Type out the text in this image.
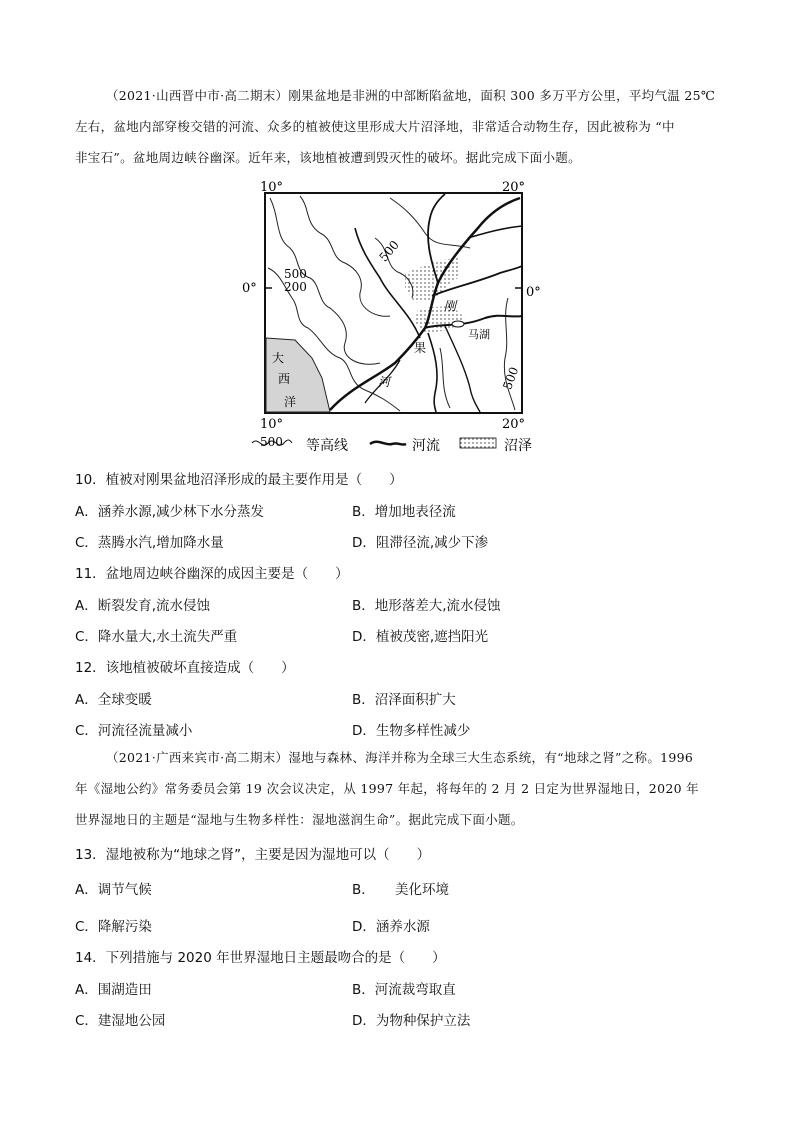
（2021·山西晋中市·高二期末）刚果盆地是非洲的中部断陷盆地，面积 300 多万平方公里，平均气温 25℃
左右，盆地内部穿梭交错的河流、众多的植被使这里形成大片沼泽地，非常适合动物生存，因此被称为 “中
非宝石”。盆地周边峡谷幽深。近年来，该地植被遭到毁灭性的破坏。据此完成下面小题。
10°	20°
0°	0°
10°	20°
500
200
500
500
大
西
洋
刚
果
河
马湖
500 等高线	河流	沼泽
10．植被对刚果盆地沼泽形成的最主要作用是（　　）
A．涵养水源,减少林下水分蒸发	B．增加地表径流
C．蒸腾水汽,增加降水量	D．阻滞径流,减少下渗
11．盆地周边峡谷幽深的成因主要是（　　）
A．断裂发育,流水侵蚀	B．地形落差大,流水侵蚀
C．降水量大,水土流失严重	D．植被茂密,遮挡阳光
12．该地植被破坏直接造成（　　）
A．全球变暖	B．沼泽面积扩大
C．河流径流量减小	D．生物多样性减少
（2021·广西来宾市·高二期末）湿地与森林、海洋并称为全球三大生态系统，有“地球之肾”之称。1996
年《湿地公约》常务委员会第 19 次会议决定，从 1997 年起，将每年的 2 月 2 日定为世界湿地日，2020 年
世界湿地日的主题是“湿地与生物多样性：湿地滋润生命”。据此完成下面小题。
13．湿地被称为“地球之肾”，主要是因为湿地可以（　　）
A．调节气候	B．　　美化环境
C．降解污染	D．涵养水源
14．下列措施与 2020 年世界湿地日主题最吻合的是（　　）
A．围湖造田	B．河流裁弯取直
C．建湿地公园	D．为物种保护立法
